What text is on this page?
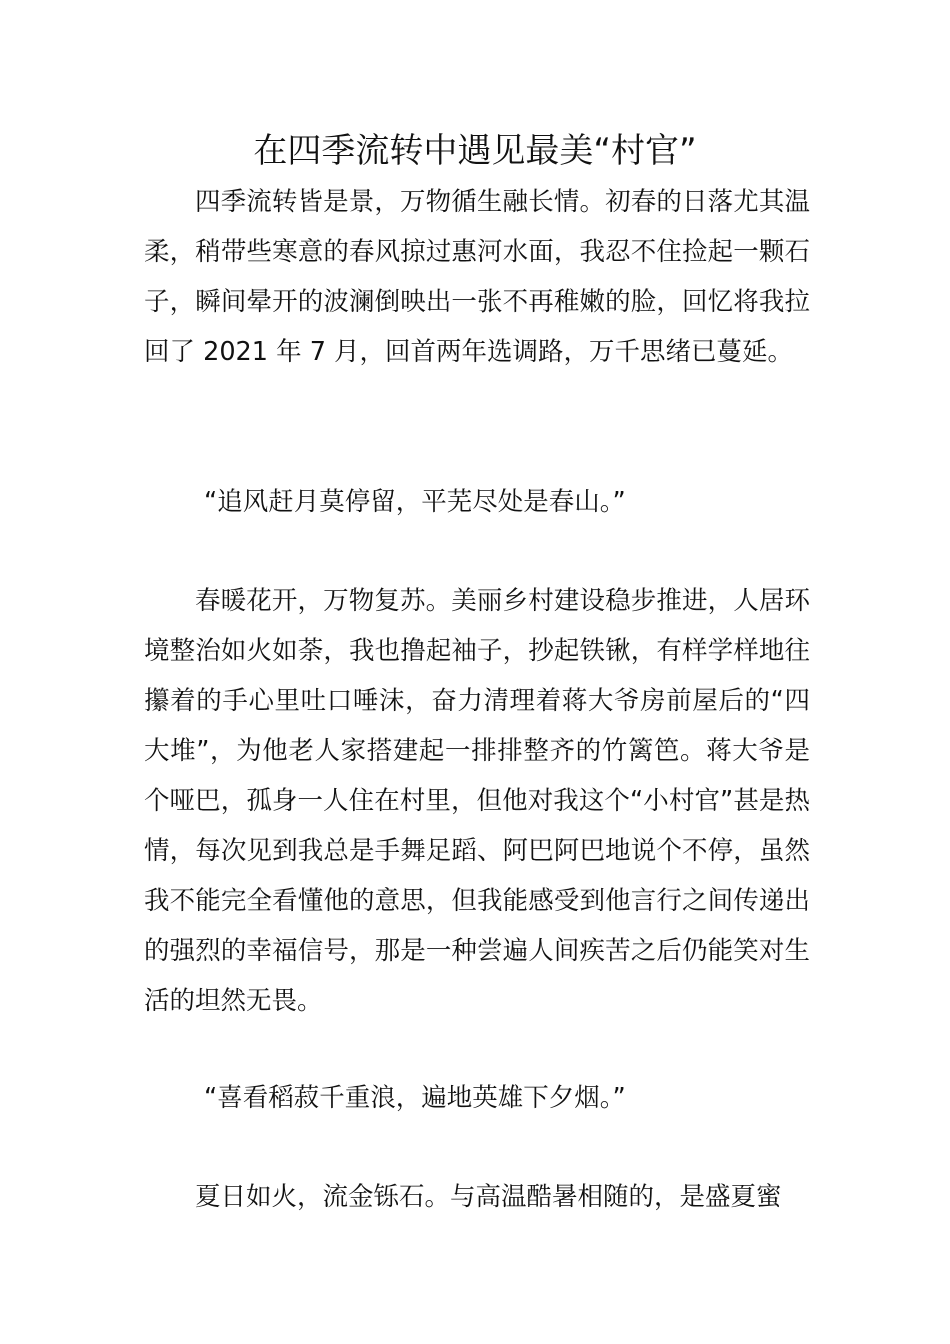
在四季流转中遇见最美“村官”

四季流转皆是景，万物循生融长情。初春的日落尤其温柔，稍带些寒意的春风掠过惠河水面，我忍不住捡起一颗石子，瞬间晕开的波澜倒映出一张不再稚嫩的脸，回忆将我拉回了 2021 年 7 月，回首两年选调路，万千思绪已蔓延。

“追风赶月莫停留，平芜尽处是春山。”

春暖花开，万物复苏。美丽乡村建设稳步推进，人居环境整治如火如荼，我也撸起袖子，抄起铁锹，有样学样地往攥着的手心里吐口唾沫，奋力清理着蒋大爷房前屋后的“四大堆”，为他老人家搭建起一排排整齐的竹篱笆。蒋大爷是个哑巴，孤身一人住在村里，但他对我这个“小村官”甚是热情，每次见到我总是手舞足蹈、阿巴阿巴地说个不停，虽然我不能完全看懂他的意思，但我能感受到他言行之间传递出的强烈的幸福信号，那是一种尝遍人间疾苦之后仍能笑对生活的坦然无畏。

“喜看稻菽千重浪，遍地英雄下夕烟。”

夏日如火，流金铄石。与高温酷暑相随的，是盛夏蜜
